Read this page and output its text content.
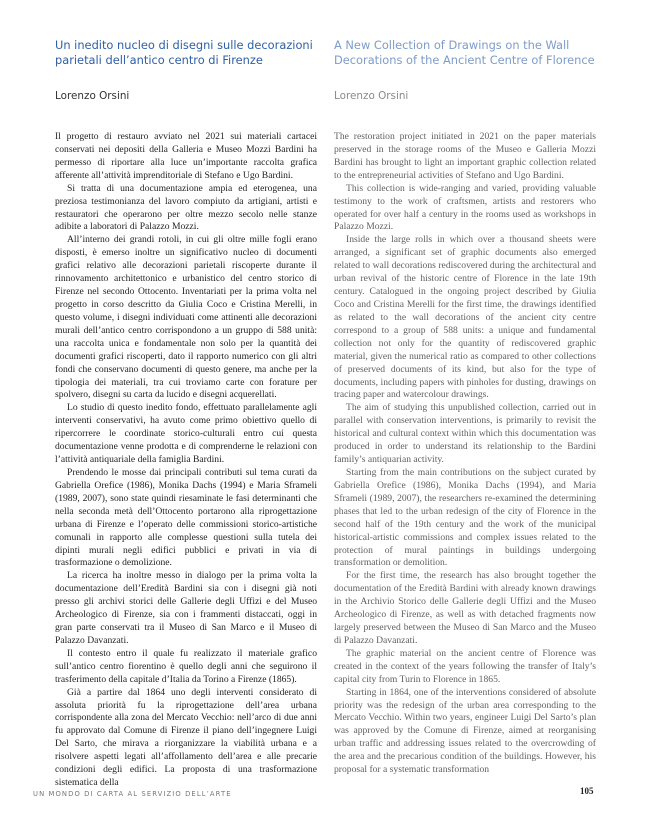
Un inedito nucleo di disegni sulle decorazioni parietali dell’antico centro di Firenze
Lorenzo Orsini

Il progetto di restauro avviato nel 2021 sui materiali cartacei conservati nei depositi della Galleria e Museo Mozzi Bardini ha permesso di riportare alla luce un’importante raccolta grafica afferente all’attività imprenditoriale di Stefano e Ugo Bardini.

Si tratta di una documentazione ampia ed eterogenea, una preziosa testimonianza del lavoro compiuto da artigiani, artisti e restauratori che operarono per oltre mezzo secolo nelle stanze adibite a laboratori di Palazzo Mozzi.

All’interno dei grandi rotoli, in cui gli oltre mille fogli erano disposti, è emerso inoltre un significativo nucleo di documenti grafici relativo alle decorazioni parietali riscoperte durante il rinnovamento architettonico e urbanistico del centro storico di Firenze nel secondo Ottocento. Inventariati per la prima volta nel progetto in corso descritto da Giulia Coco e Cristina Merelli, in questo volume, i disegni individuati come attinenti alle decorazioni murali dell’antico centro corrispondono a un gruppo di 588 unità: una raccolta unica e fondamentale non solo per la quantità dei documenti grafici riscoperti, dato il rapporto numerico con gli altri fondi che conservano documenti di questo genere, ma anche per la tipologia dei materiali, tra cui troviamo carte con forature per spolvero, disegni su carta da lucido e disegni acquerellati.

Lo studio di questo inedito fondo, effettuato parallelamente agli interventi conservativi, ha avuto come primo obiettivo quello di ripercorrere le coordinate storico-culturali entro cui questa documentazione venne prodotta e di comprenderne le relazioni con l’attività antiquariale della famiglia Bardini.

Prendendo le mosse dai principali contributi sul tema curati da Gabriella Orefice (1986), Monika Dachs (1994) e Maria Sframeli (1989, 2007), sono state quindi riesaminate le fasi determinanti che nella seconda metà dell’Ottocento portarono alla riprogettazione urbana di Firenze e l’operato delle commissioni storico-artistiche comunali in rapporto alle complesse questioni sulla tutela dei dipinti murali negli edifici pubblici e privati in via di trasformazione o demolizione.

La ricerca ha inoltre messo in dialogo per la prima volta la documentazione dell’Eredità Bardini sia con i disegni già noti presso gli archivi storici delle Gallerie degli Uffizi e del Museo Archeologico di Firenze, sia con i frammenti distaccati, oggi in gran parte conservati tra il Museo di San Marco e il Museo di Palazzo Davanzati.

Il contesto entro il quale fu realizzato il materiale grafico sull’antico centro fiorentino è quello degli anni che seguirono il trasferimento della capitale d’Italia da Torino a Firenze (1865).

Già a partire dal 1864 uno degli interventi considerato di assoluta priorità fu la riprogettazione dell’area urbana corrispondente alla zona del Mercato Vecchio: nell’arco di due anni fu approvato dal Comune di Firenze il piano dell’ingegnere Luigi Del Sarto, che mirava a riorganizzare la viabilità urbana e a risolvere aspetti legati all’affollamento dell’area e alle precarie condizioni degli edifici. La proposta di una trasformazione sistematica della

A New Collection of Drawings on the Wall Decorations of the Ancient Centre of Florence
Lorenzo Orsini

The restoration project initiated in 2021 on the paper materials preserved in the storage rooms of the Museo e Galleria Mozzi Bardini has brought to light an important graphic collection related to the entrepreneurial activities of Stefano and Ugo Bardini.

This collection is wide-ranging and varied, providing valuable testimony to the work of craftsmen, artists and restorers who operated for over half a century in the rooms used as workshops in Palazzo Mozzi.

Inside the large rolls in which over a thousand sheets were arranged, a significant set of graphic documents also emerged related to wall decorations rediscovered during the architectural and urban revival of the historic centre of Florence in the late 19th century. Catalogued in the ongoing project described by Giulia Coco and Cristina Merelli for the first time, the drawings identified as related to the wall decorations of the ancient city centre correspond to a group of 588 units: a unique and fundamental collection not only for the quantity of rediscovered graphic material, given the numerical ratio as compared to other collections of preserved documents of its kind, but also for the type of documents, including papers with pinholes for dusting, drawings on tracing paper and watercolour drawings.

The aim of studying this unpublished collection, carried out in parallel with conservation interventions, is primarily to revisit the historical and cultural context within which this documentation was produced in order to understand its relationship to the Bardini family’s antiquarian activity.

Starting from the main contributions on the subject curated by Gabriella Orefice (1986), Monika Dachs (1994), and Maria Sframeli (1989, 2007), the researchers re-examined the determining phases that led to the urban redesign of the city of Florence in the second half of the 19th century and the work of the municipal historical-artistic commissions and complex issues related to the protection of mural paintings in buildings undergoing transformation or demolition.

For the first time, the research has also brought together the documentation of the Eredità Bardini with already known drawings in the Archivio Storico delle Gallerie degli Uffizi and the Museo Archeologico di Firenze, as well as with detached fragments now largely preserved between the Museo di San Marco and the Museo di Palazzo Davanzati.

The graphic material on the ancient centre of Florence was created in the context of the years following the transfer of Italy’s capital city from Turin to Florence in 1865.

Starting in 1864, one of the interventions considered of absolute priority was the redesign of the urban area corresponding to the Mercato Vecchio. Within two years, engineer Luigi Del Sarto’s plan was approved by the Comune di Firenze, aimed at reorganising urban traffic and addressing issues related to the overcrowding of the area and the precarious condition of the buildings. However, his proposal for a systematic transformation

UN MONDO DI CARTA AL SERVIZIO DELL’ARTE	105
